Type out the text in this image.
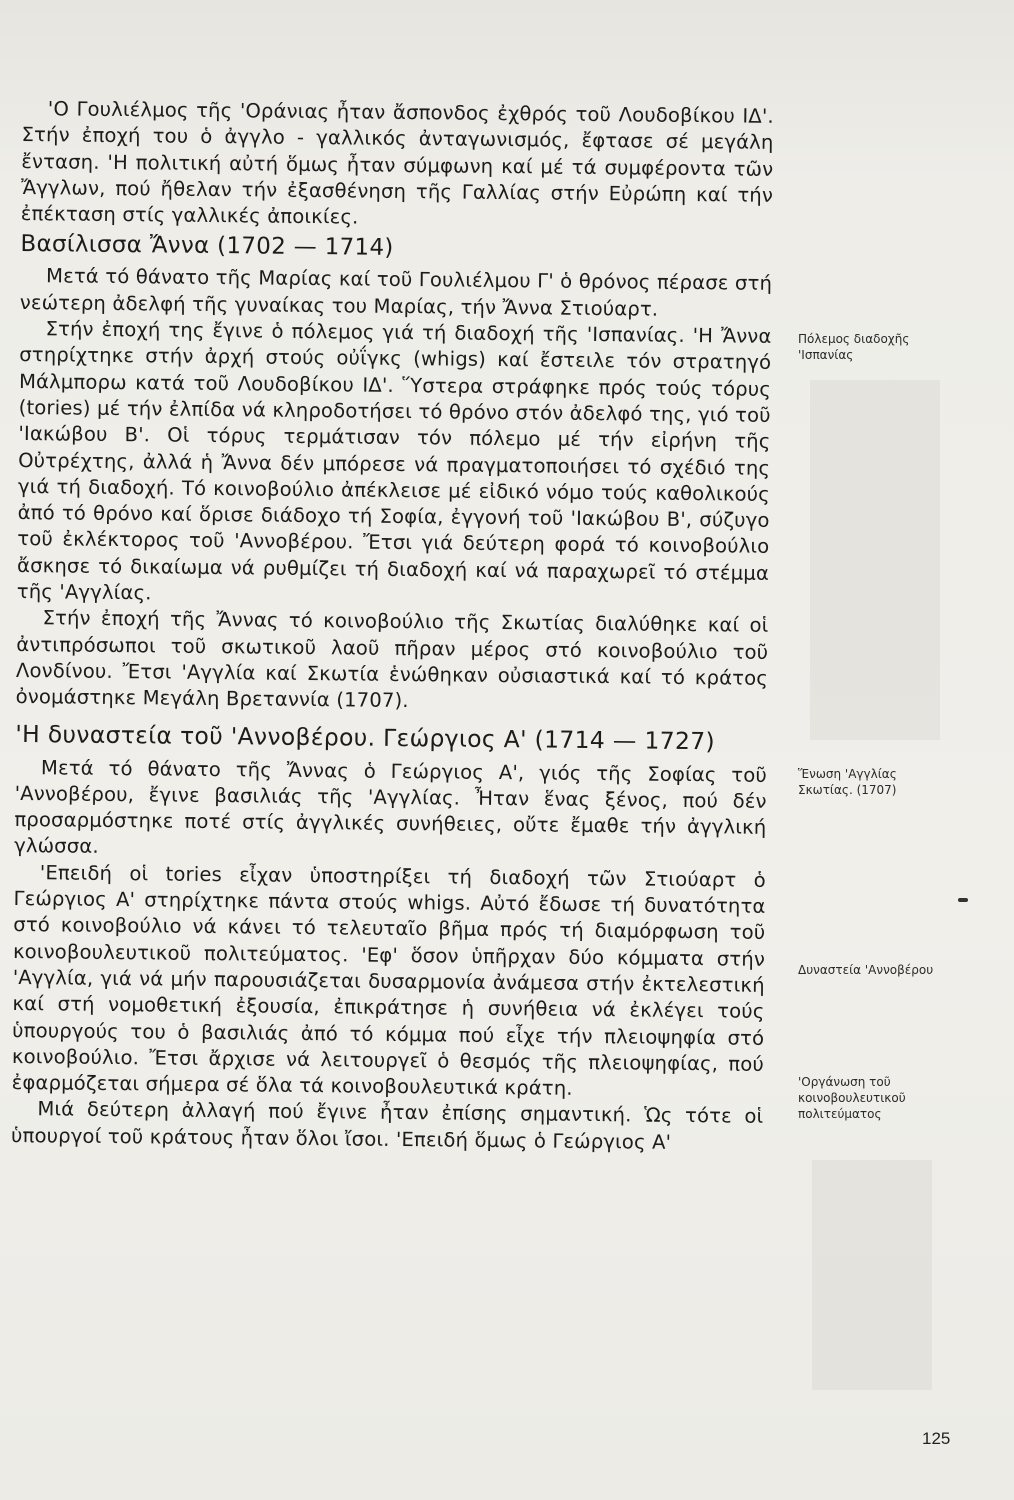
'Ο Γουλιέλμος τῆς 'Οράνιας ἦταν ἄσπονδος ἐχθρός τοῦ Λουδοβίκου ΙΔ'. Στήν ἐποχή του ὁ ἀγγλο - γαλλικός ἀνταγωνισμός, ἔφτασε σέ μεγάλη ἔνταση. 'Η πολιτική αὐτή ὅμως ἦταν σύμφωνη καί μέ τά συμφέροντα τῶν Ἄγγλων, πού ἤθελαν τήν ἐξασθένηση τῆς Γαλλίας στήν Εὐρώπη καί τήν ἐπέκταση στίς γαλλικές ἀποικίες.

Βασίλισσα Ἄννα (1702 — 1714)

Μετά τό θάνατο τῆς Μαρίας καί τοῦ Γουλιέλμου Γ' ὁ θρόνος πέρασε στή νεώτερη ἀδελφή τῆς γυναίκας του Μαρίας, τήν Ἄννα Στιούαρτ.

Στήν ἐποχή της ἔγινε ὁ πόλεμος γιά τή διαδοχή τῆς 'Ισπανίας. 'Η Ἄννα στηρίχτηκε στήν ἀρχή στούς οὐΐγκς (whigs) καί ἔστειλε τόν στρατηγό Μάλμπορω κατά τοῦ Λουδοβίκου ΙΔ'. Ὕστερα στράφηκε πρός τούς τόρυς (tories) μέ τήν ἐλπίδα νά κληροδοτήσει τό θρόνο στόν ἀδελφό της, γιό τοῦ 'Ιακώβου Β'. Οἱ τόρυς τερμάτισαν τόν πόλεμο μέ τήν εἰρήνη τῆς Οὐτρέχτης, ἀλλά ἡ Ἄννα δέν μπόρεσε νά πραγματοποιήσει τό σχέδιό της γιά τή διαδοχή. Τό κοινοβούλιο ἀπέκλεισε μέ εἰδικό νόμο τούς καθολικούς ἀπό τό θρόνο καί ὅρισε διάδοχο τή Σοφία, ἐγγονή τοῦ 'Ιακώβου Β', σύζυγο τοῦ ἐκλέκτορος τοῦ 'Αννοβέρου. Ἔτσι γιά δεύτερη φορά τό κοινοβούλιο ἄσκησε τό δικαίωμα νά ρυθμίζει τή διαδοχή καί νά παραχωρεῖ τό στέμμα τῆς 'Αγγλίας.

Στήν ἐποχή τῆς Ἄννας τό κοινοβούλιο τῆς Σκωτίας διαλύθηκε καί οἱ ἀντιπρόσωποι τοῦ σκωτικοῦ λαοῦ πῆραν μέρος στό κοινοβούλιο τοῦ Λονδίνου. Ἔτσι 'Αγγλία καί Σκωτία ἑνώθηκαν οὐσιαστικά καί τό κράτος ὀνομάστηκε Μεγάλη Βρεταννία (1707).

'Η δυναστεία τοῦ 'Αννοβέρου. Γεώργιος Α' (1714 — 1727)

Μετά τό θάνατο τῆς Ἄννας ὁ Γεώργιος Α', γιός τῆς Σοφίας τοῦ 'Αννοβέρου, ἔγινε βασιλιάς τῆς 'Αγγλίας. Ἦταν ἕνας ξένος, πού δέν προσαρμόστηκε ποτέ στίς ἀγγλικές συνήθειες, οὔτε ἔμαθε τήν ἀγγλική γλώσσα.

'Επειδή οἱ tories εἶχαν ὑποστηρίξει τή διαδοχή τῶν Στιούαρτ ὁ Γεώργιος Α' στηρίχτηκε πάντα στούς whigs. Αὐτό ἔδωσε τή δυνατότητα στό κοινοβούλιο νά κάνει τό τελευταῖο βῆμα πρός τή διαμόρφωση τοῦ κοινοβουλευτικοῦ πολιτεύματος. 'Εφ' ὅσον ὑπῆρχαν δύο κόμματα στήν 'Αγγλία, γιά νά μήν παρουσιάζεται δυσαρμονία ἀνάμεσα στήν ἐκτελεστική καί στή νομοθετική ἐξουσία, ἐπικράτησε ἡ συνήθεια νά ἐκλέγει τούς ὑπουργούς του ὁ βασιλιάς ἀπό τό κόμμα πού εἶχε τήν πλειοψηφία στό κοινοβούλιο. Ἔτσι ἄρχισε νά λειτουργεῖ ὁ θεσμός τῆς πλειοψηφίας, πού ἐφαρμόζεται σήμερα σέ ὅλα τά κοινοβουλευτικά κράτη.

Μιά δεύτερη ἀλλαγή πού ἔγινε ἦταν ἐπίσης σημαντική. Ὡς τότε οἱ ὑπουργοί τοῦ κράτους ἦταν ὅλοι ἴσοι. 'Επειδή ὅμως ὁ Γεώργιος Α'

Πόλεμος διαδοχῆς 'Ισπανίας
Ἕνωση 'Αγγλίας Σκωτίας. (1707)
Δυναστεία 'Αννοβέρου
'Οργάνωση τοῦ κοινοβουλευτικοῦ πολιτεύματος
125
